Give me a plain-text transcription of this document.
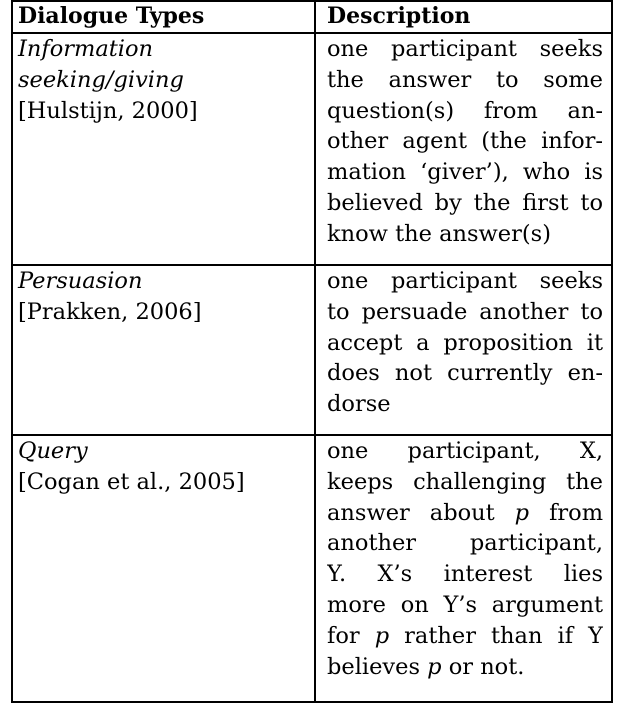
Dialogue Types	Description
Information
seeking/giving
[Hulstijn, 2000]
one participant seeks
the answer to some
question(s) from an-
other agent (the infor-
mation ‘giver’), who is
believed by the first to
know the answer(s)
Persuasion
[Prakken, 2006]
one participant seeks
to persuade another to
accept a proposition it
does not currently en-
dorse
Query
[Cogan et al., 2005]
one participant, X,
keeps challenging the
answer about p from
another participant,
Y. X’s interest lies
more on Y’s argument
for p rather than if Y
believes p or not.
